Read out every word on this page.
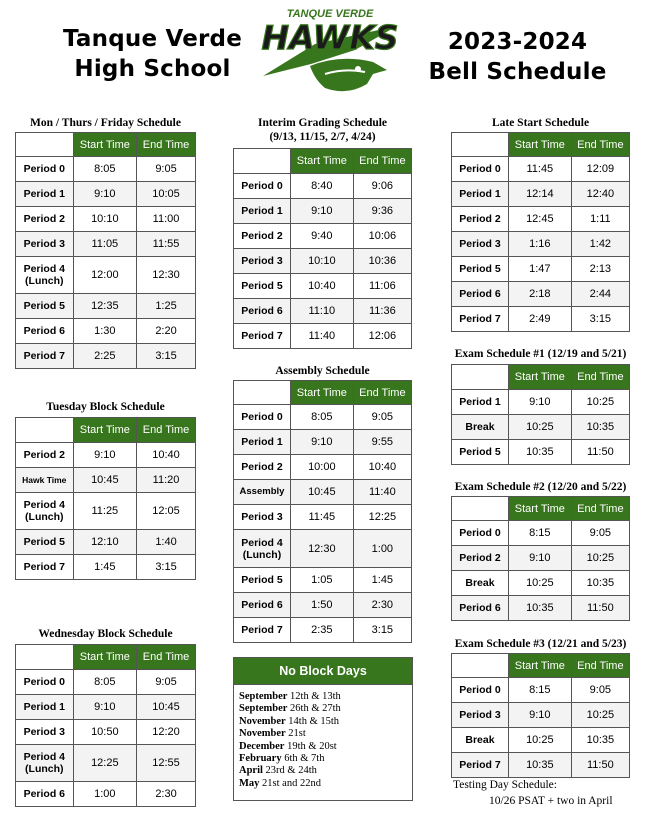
Tanque Verde
High School
TANQUE VERDE
HAWKS	2023-2024
Bell Schedule
Mon / Thurs / Friday Schedule
	Start Time	End Time
Period 0	8:05	9:05
Period 1	9:10	10:05
Period 2	10:10	11:00
Period 3	11:05	11:55
Period 4 (Lunch)	12:00	12:30
Period 5	12:35	1:25
Period 6	1:30	2:20
Period 7	2:25	3:15
Tuesday Block Schedule
	Start Time	End Time
Period 2	9:10	10:40
Hawk Time	10:45	11:20
Period 4 (Lunch)	11:25	12:05
Period 5	12:10	1:40
Period 7	1:45	3:15
Wednesday Block Schedule
	Start Time	End Time
Period 0	8:05	9:05
Period 1	9:10	10:45
Period 3	10:50	12:20
Period 4 (Lunch)	12:25	12:55
Period 6	1:00	2:30
Interim Grading Schedule
(9/13, 11/15, 2/7, 4/24)
	Start Time	End Time
Period 0	8:40	9:06
Period 1	9:10	9:36
Period 2	9:40	10:06
Period 3	10:10	10:36
Period 5	10:40	11:06
Period 6	11:10	11:36
Period 7	11:40	12:06
Assembly Schedule
	Start Time	End Time
Period 0	8:05	9:05
Period 1	9:10	9:55
Period 2	10:00	10:40
Assembly	10:45	11:40
Period 3	11:45	12:25
Period 4 (Lunch)	12:30	1:00
Period 5	1:05	1:45
Period 6	1:50	2:30
Period 7	2:35	3:15
No Block Days
September 12th & 13th
September 26th & 27th
November 14th & 15th
November 21st
December 19th & 20st
February 6th & 7th
April 23rd & 24th
May 21st and 22nd
Late Start Schedule
	Start Time	End Time
Period 0	11:45	12:09
Period 1	12:14	12:40
Period 2	12:45	1:11
Period 3	1:16	1:42
Period 5	1:47	2:13
Period 6	2:18	2:44
Period 7	2:49	3:15
Exam Schedule #1 (12/19 and 5/21)
	Start Time	End Time
Period 1	9:10	10:25
Break	10:25	10:35
Period 5	10:35	11:50
Exam Schedule #2 (12/20 and 5/22)
	Start Time	End Time
Period 0	8:15	9:05
Period 2	9:10	10:25
Break	10:25	10:35
Period 6	10:35	11:50
Exam Schedule #3 (12/21 and 5/23)
	Start Time	End Time
Period 0	8:15	9:05
Period 3	9:10	10:25
Break	10:25	10:35
Period 7	10:35	11:50
Testing Day Schedule:
10/26 PSAT + two in April
